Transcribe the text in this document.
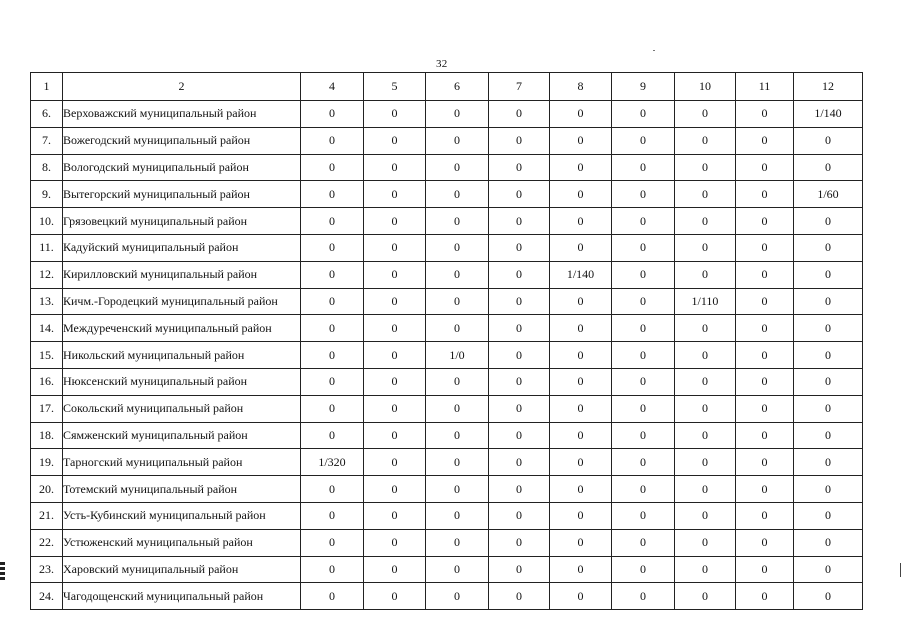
32
1	2	4	5	6	7	8	9	10	11	12
6.	Верховажский муниципальный район	0	0	0	0	0	0	0	0	1/140
7.	Вожегодский муниципальный район	0	0	0	0	0	0	0	0	0
8.	Вологодский муниципальный район	0	0	0	0	0	0	0	0	0
9.	Вытегорский муниципальный район	0	0	0	0	0	0	0	0	1/60
10.	Грязовецкий муниципальный район	0	0	0	0	0	0	0	0	0
11.	Кадуйский муниципальный район	0	0	0	0	0	0	0	0	0
12.	Кирилловский муниципальный район	0	0	0	0	1/140	0	0	0	0
13.	Кичм.-Городецкий муниципальный район	0	0	0	0	0	0	1/110	0	0
14.	Междуреченский муниципальный район	0	0	0	0	0	0	0	0	0
15.	Никольский муниципальный район	0	0	1/0	0	0	0	0	0	0
16.	Нюксенский муниципальный район	0	0	0	0	0	0	0	0	0
17.	Сокольский муниципальный район	0	0	0	0	0	0	0	0	0
18.	Сямженский муниципальный район	0	0	0	0	0	0	0	0	0
19.	Тарногский муниципальный район	1/320	0	0	0	0	0	0	0	0
20.	Тотемский муниципальный район	0	0	0	0	0	0	0	0	0
21.	Усть-Кубинский муниципальный район	0	0	0	0	0	0	0	0	0
22.	Устюженский муниципальный район	0	0	0	0	0	0	0	0	0
23.	Харовский муниципальный район	0	0	0	0	0	0	0	0	0
24.	Чагодощенский муниципальный район	0	0	0	0	0	0	0	0	0
